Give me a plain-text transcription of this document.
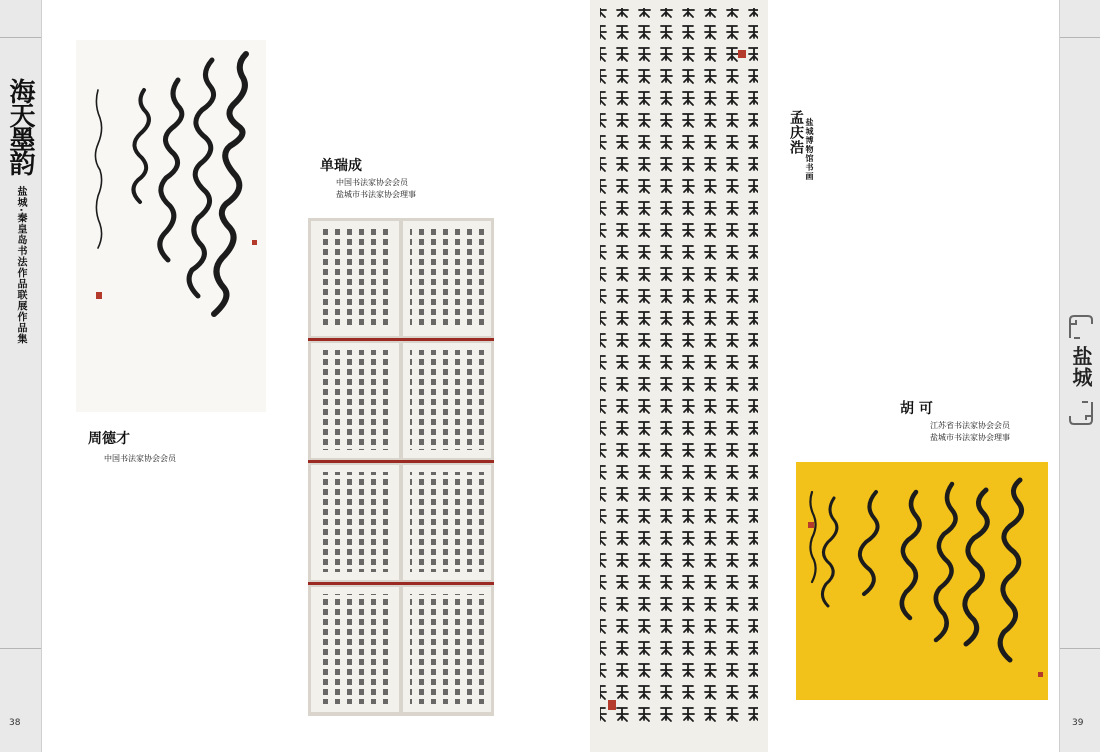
海天墨韵
盐城·秦皇岛书法作品联展作品集
38
盐城
39
周德才
中国书法家协会会员
单瑞成
中国书法家协会会员
盐城市书法家协会理事
孟庆浩 盐城博物馆书画
胡 可
江苏省书法家协会会员
盐城市书法家协会理事
